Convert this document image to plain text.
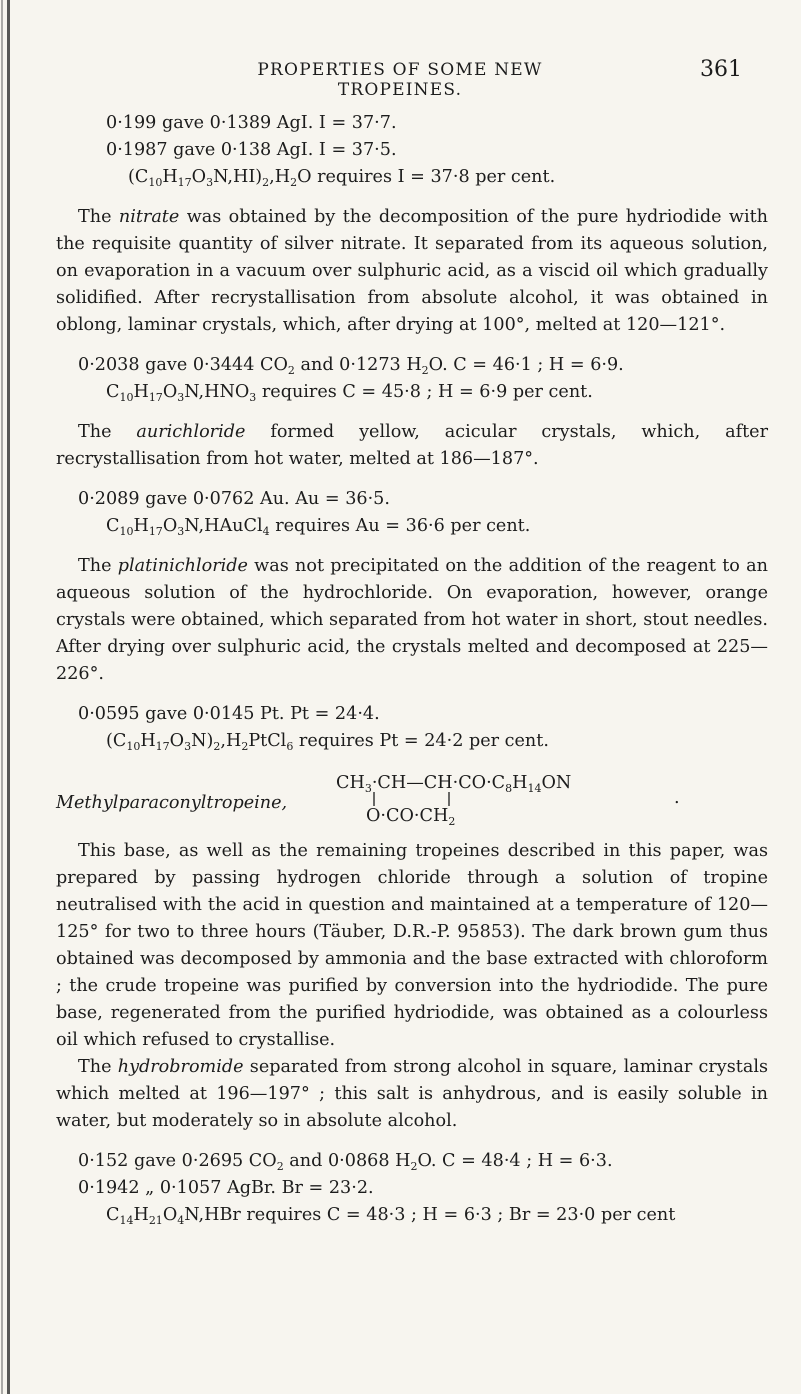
PROPERTIES OF SOME NEW TROPEINES.
361

0·199 gave 0·1389 AgI. I = 37·7.

0·1987 gave 0·138 AgI. I = 37·5.

$(C_{10}H_{17}O_3N,HI)_2,H_2O$ requires I = 37·8 per cent.

The nitrate was obtained by the decomposition of the pure hydriodide with the requisite quantity of silver nitrate. It separated from its aqueous solution, on evaporation in a vacuum over sulphuric acid, as a viscid oil which gradually solidified. After recrystallisation from absolute alcohol, it was obtained in oblong, laminar crystals, which, after drying at 100°, melted at 120—121°.

0·2038 gave 0·3444 $CO_2$ and 0·1273 $H_2O$. C = 46·1 ; H = 6·9.

$C_{10}H_{17}O_3N,HNO_3$ requires C = 45·8 ; H = 6·9 per cent.

The aurichloride formed yellow, acicular crystals, which, after recrystallisation from hot water, melted at 186—187°.

0·2089 gave 0·0762 Au. Au = 36·5.

$C_{10}H_{17}O_3N,HAuCl_4$ requires Au = 36·6 per cent.

The platinichloride was not precipitated on the addition of the reagent to an aqueous solution of the hydrochloride. On evaporation, however, orange crystals were obtained, which separated from hot water in short, stout needles. After drying over sulphuric acid, the crystals melted and decomposed at 225—226°.

0·0595 gave 0·0145 Pt. Pt = 24·4.

$(C_{10}H_{17}O_3N)_2,H_2PtCl_6$ requires Pt = 24·2 per cent.

Methylparaconyltropeine,
$CH_3\cdot CH—CH\cdot CO\cdot C_8H_{14}ON$
$O\cdot CO\cdot CH_2$
.

This base, as well as the remaining tropeines described in this paper, was prepared by passing hydrogen chloride through a solution of tropine neutralised with the acid in question and maintained at a temperature of 120—125° for two to three hours (Täuber, D.R.-P. 95853). The dark brown gum thus obtained was decomposed by ammonia and the base extracted with chloroform ; the crude tropeine was purified by conversion into the hydriodide. The pure base, regenerated from the purified hydriodide, was obtained as a colourless oil which refused to crystallise.

The hydrobromide separated from strong alcohol in square, laminar crystals which melted at 196—197° ; this salt is anhydrous, and is easily soluble in water, but moderately so in absolute alcohol.

0·152 gave 0·2695 $CO_2$ and 0·0868 $H_2O$. C = 48·4 ; H = 6·3.

0·1942 „ 0·1057 AgBr. Br = 23·2.

$C_{14}H_{21}O_4N,HBr$ requires C = 48·3 ; H = 6·3 ; Br = 23·0 per cent
